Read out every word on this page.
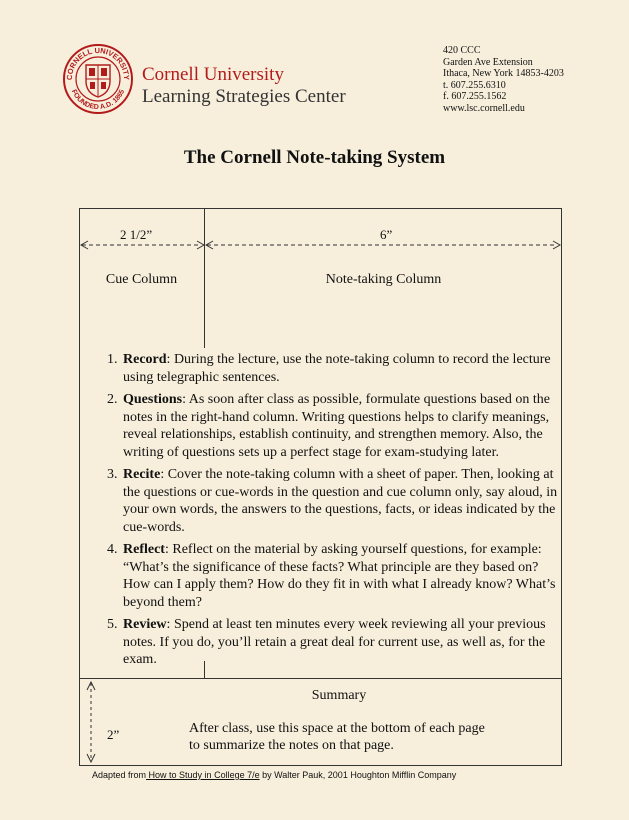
CORNELL UNIVERSITY
FOUNDED A.D. 1865
Cornell University
Learning Strategies Center
420 CCC
Garden Ave Extension
Ithaca, New York 14853-4203
t. 607.255.6310
f. 607.255.1562
www.lsc.cornell.edu
The Cornell Note-taking System
2 1/2”	6”
Cue Column	Note-taking Column
1. Record: During the lecture, use the note-taking column to record the lecture using telegraphic sentences.
2. Questions: As soon after class as possible, formulate questions based on the notes in the right-hand column. Writing questions helps to clarify meanings, reveal relationships, establish continuity, and strengthen memory. Also, the writing of questions sets up a perfect stage for exam-studying later.
3. Recite: Cover the note-taking column with a sheet of paper. Then, looking at the questions or cue-words in the question and cue column only, say aloud, in your own words, the answers to the questions, facts, or ideas indicated by the cue-words.
4. Reflect: Reflect on the material by asking yourself questions, for example: “What’s the significance of these facts? What principle are they based on? How can I apply them? How do they fit in with what I already know? What’s beyond them?
5. Review: Spend at least ten minutes every week reviewing all your previous notes. If you do, you’ll retain a great deal for current use, as well as, for the exam.
2”
Summary
After class, use this space at the bottom of each page to summarize the notes on that page.
Adapted from How to Study in College 7/e by Walter Pauk, 2001 Houghton Mifflin Company
